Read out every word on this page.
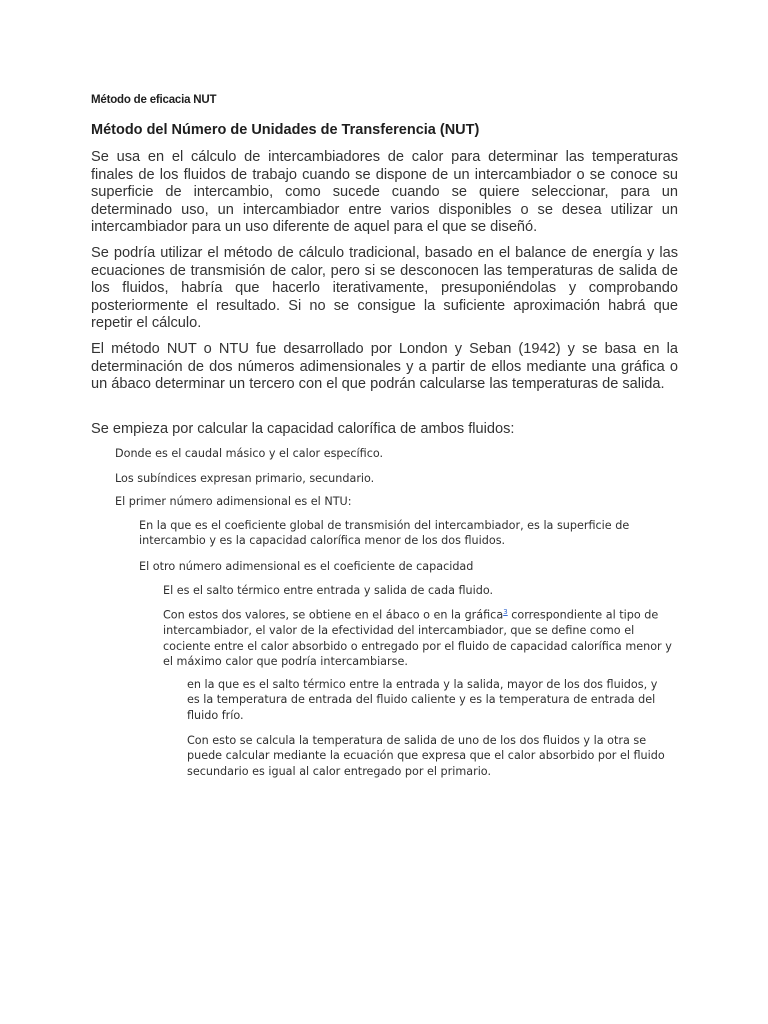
Método de eficacia NUT
Método del Número de Unidades de Transferencia (NUT)

Se usa en el cálculo de intercambiadores de calor para determinar las temperaturas finales de los fluidos de trabajo cuando se dispone de un intercambiador o se conoce su superficie de intercambio, como sucede cuando se quiere seleccionar, para un determinado uso, un intercambiador entre varios disponibles o se desea utilizar un intercambiador para un uso diferente de aquel para el que se diseñó.

Se podría utilizar el método de cálculo tradicional, basado en el balance de energía y las ecuaciones de transmisión de calor, pero si se desconocen las temperaturas de salida de los fluidos, habría que hacerlo iterativamente, presuponiéndolas y comprobando posteriormente el resultado. Si no se consigue la suficiente aproximación habrá que repetir el cálculo.

El método NUT o NTU fue desarrollado por London y Seban (1942) y se basa en la determinación de dos números adimensionales y a partir de ellos mediante una gráfica o un ábaco determinar un tercero con el que podrán calcularse las temperaturas de salida.

Se empieza por calcular la capacidad calorífica de ambos fluidos:

Donde es el caudal másico y el calor específico.

Los subíndices expresan primario, secundario.

El primer número adimensional es el NTU:

En la que es el coeficiente global de transmisión del intercambiador, es la superficie de intercambio y es la capacidad calorífica menor de los dos fluidos.

El otro número adimensional es el coeficiente de capacidad

El es el salto térmico entre entrada y salida de cada fluido.

Con estos dos valores, se obtiene en el ábaco o en la gráfica$^3$ correspondiente al tipo de intercambiador, el valor de la efectividad del intercambiador, que se define como el cociente entre el calor absorbido o entregado por el fluido de capacidad calorífica menor y el máximo calor que podría intercambiarse.

en la que es el salto térmico entre la entrada y la salida, mayor de los dos fluidos, y es la temperatura de entrada del fluido caliente y es la temperatura de entrada del fluido frío.

Con esto se calcula la temperatura de salida de uno de los dos fluidos y la otra se puede calcular mediante la ecuación que expresa que el calor absorbido por el fluido secundario es igual al calor entregado por el primario.
